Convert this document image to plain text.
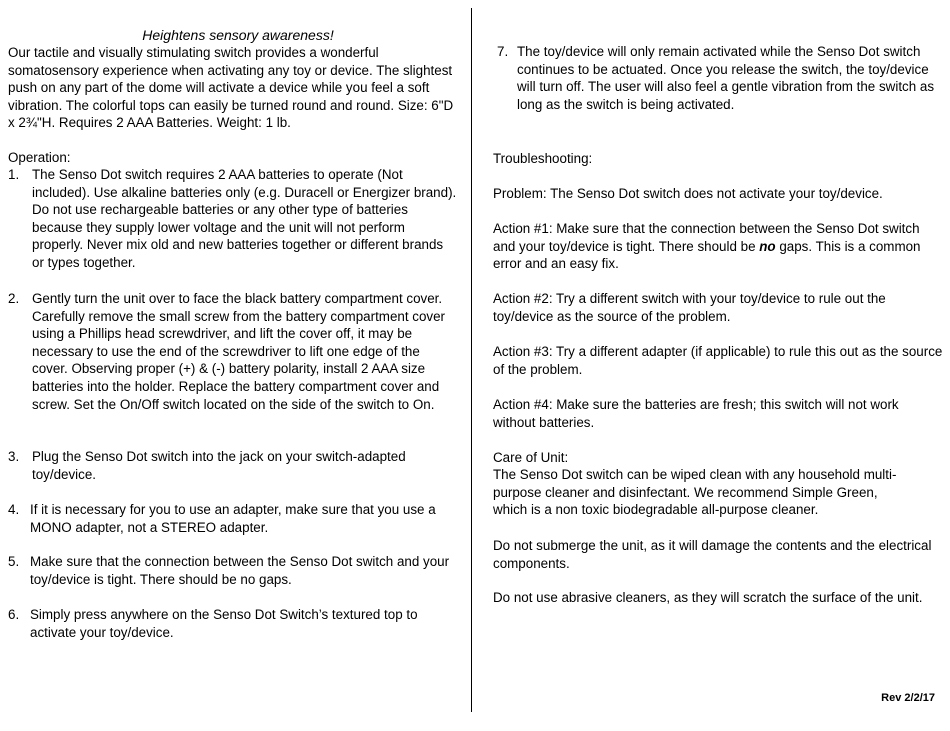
Heightens sensory awareness!
Our tactile and visually stimulating switch provides a wonderful somatosensory experience when activating any toy or device. The slightest push on any part of the dome will activate a device while you feel a soft vibration. The colorful tops can easily be turned round and round. Size: 6"D x 2¾"H. Requires 2 AAA Batteries. Weight: 1 lb.
Operation:
1. The Senso Dot switch requires 2 AAA batteries to operate (Not included). Use alkaline batteries only (e.g. Duracell or Energizer brand). Do not use rechargeable batteries or any other type of batteries because they supply lower voltage and the unit will not perform properly. Never mix old and new batteries together or different brands or types together.
2. Gently turn the unit over to face the black battery compartment cover. Carefully remove the small screw from the battery compartment cover using a Phillips head screwdriver, and lift the cover off, it may be necessary to use the end of the screwdriver to lift one edge of the cover. Observing proper (+) & (-) battery polarity, install 2 AAA size batteries into the holder. Replace the battery compartment cover and screw. Set the On/Off switch located on the side of the switch to On.
3. Plug the Senso Dot switch into the jack on your switch-adapted toy/device.
4. If it is necessary for you to use an adapter, make sure that you use a MONO adapter, not a STEREO adapter.
5. Make sure that the connection between the Senso Dot switch and your toy/device is tight. There should be no gaps.
6. Simply press anywhere on the Senso Dot Switch’s textured top to activate your toy/device.
7. The toy/device will only remain activated while the Senso Dot switch continues to be actuated. Once you release the switch, the toy/device will turn off. The user will also feel a gentle vibration from the switch as long as the switch is being activated.
Troubleshooting:
Problem: The Senso Dot switch does not activate your toy/device.
Action #1: Make sure that the connection between the Senso Dot switch and your toy/device is tight. There should be no gaps. This is a common error and an easy fix.
Action #2: Try a different switch with your toy/device to rule out the toy/device as the source of the problem.
Action #3: Try a different adapter (if applicable) to rule this out as the source of the problem.
Action #4: Make sure the batteries are fresh; this switch will not work without batteries.
Care of Unit:
The Senso Dot switch can be wiped clean with any household multi-purpose cleaner and disinfectant. We recommend Simple Green, which is a non toxic biodegradable all-purpose cleaner.
Do not submerge the unit, as it will damage the contents and the electrical components.
Do not use abrasive cleaners, as they will scratch the surface of the unit.
Rev 2/2/17
